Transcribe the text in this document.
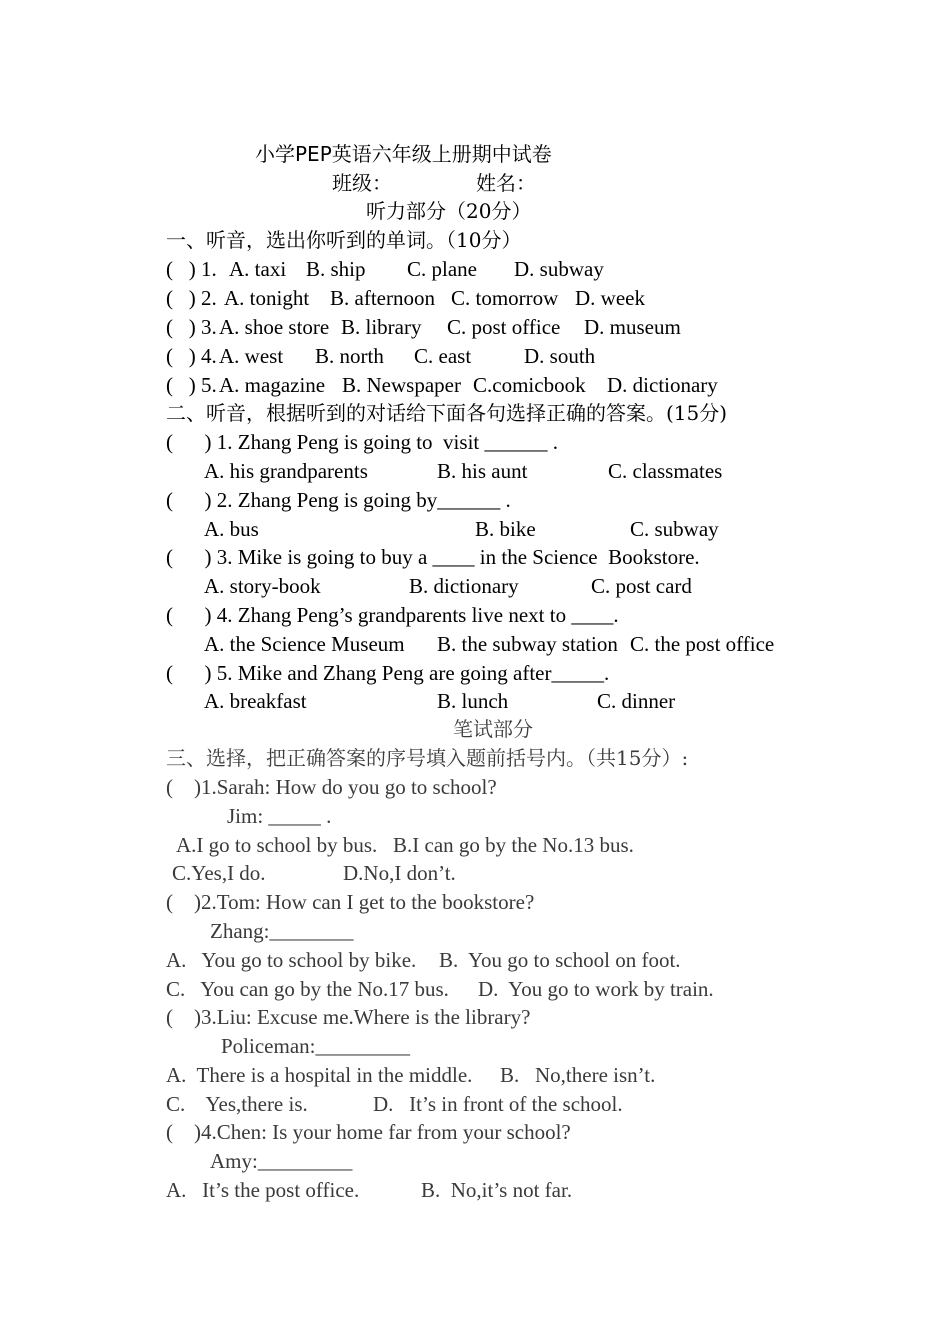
小学PEP英语六年级上册期中试卷
班级：	姓名：
听力部分（20分）
一、听音，选出你听到的单词。（10分）
(   ) 1. A. taxi B. ship C. plane D. subway
(   ) 2. A. tonight B. afternoon C. tomorrow D. week
(   ) 3. A. shoe store B. library C. post office D. museum
(   ) 4. A. west B. north C. east	D. south
(   ) 5. A. magazine B. Newspaper C.comicbook D. dictionary
二、听音，根据听到的对话给下面各句选择正确的答案。(15分)
(      ) 1. Zhang Peng is going to  visit ______ .
A. his grandparents	B. his aunt	C. classmates
(      ) 2. Zhang Peng is going by______ .
A. bus	B. bike	C. subway
(      ) 3. Mike is going to buy a ____ in the Science  Bookstore.
A. story-book	B. dictionary	C. post card
(      ) 4. Zhang Peng’s grandparents live next to ____.
A. the Science Museum B. the subway station C. the post office
(      ) 5. Mike and Zhang Peng are going after_____.
A. breakfast	B. lunch	C. dinner
笔试部分
三、选择，把正确答案的序号填入题前括号内。（共15分）:
(    )1.Sarah: How do you go to school?
Jim: _____ .
A.I go to school by bus.   B.I can go by the No.13 bus.
C.Yes,I do.	D.No,I don’t.
(    )2.Tom: How can I get to the bookstore?
Zhang:________
A.   You go to school by bike. B.  You go to school on foot.
C.   You can go by the No.17 bus. D.  You go to work by train.
(    )3.Liu: Excuse me.Where is the library?
Policeman:_________
A.  There is a hospital in the middle. B.   No,there isn’t.
C.    Yes,there is.	D.   It’s in front of the school.
(    )4.Chen: Is your home far from your school?
Amy:_________
A.   It’s the post office.	B.  No,it’s not far.
